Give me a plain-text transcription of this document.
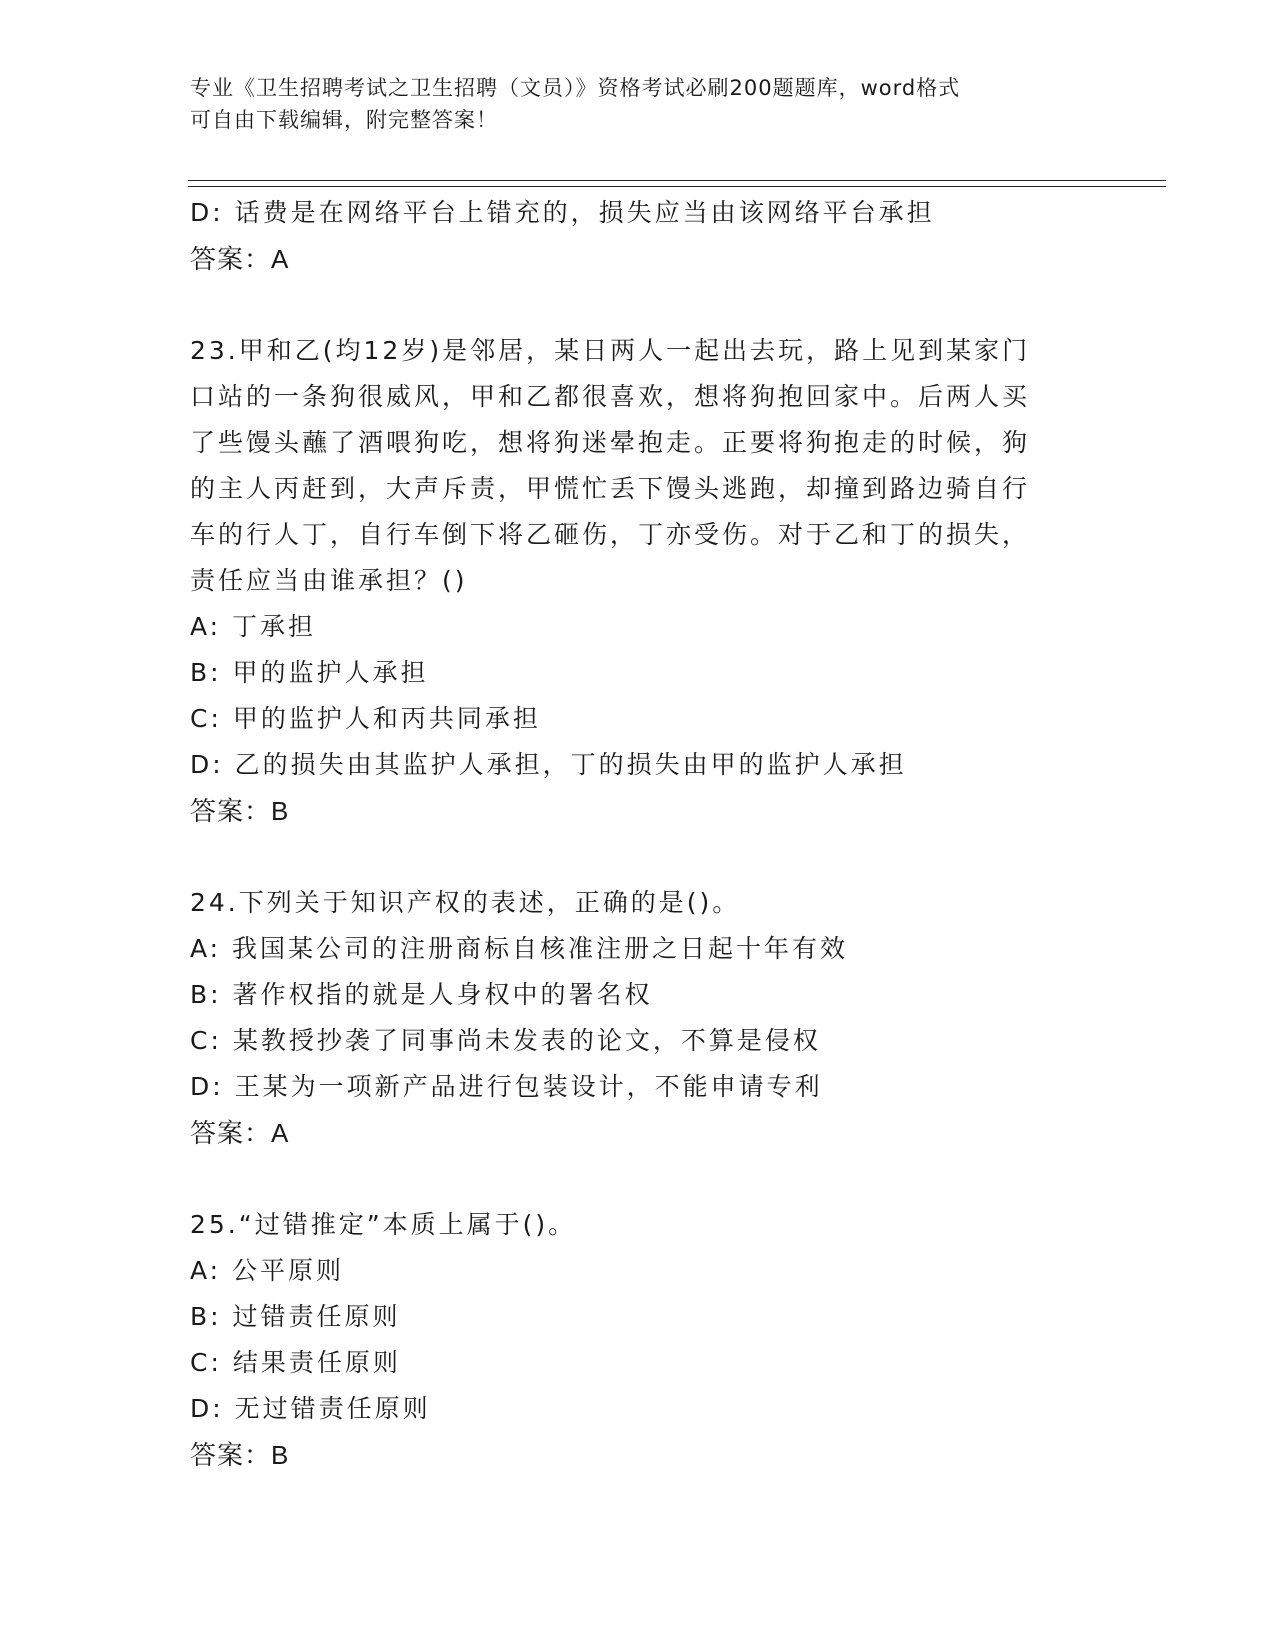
专业《卫生招聘考试之卫生招聘（文员）》资格考试必刷200题题库，word格式
可自由下载编辑，附完整答案！
D: 话费是在网络平台上错充的，损失应当由该网络平台承担
答案：A
23.甲和乙(均12岁)是邻居，某日两人一起出去玩，路上见到某家门
口站的一条狗很威风，甲和乙都很喜欢，想将狗抱回家中。后两人买
了些馒头蘸了酒喂狗吃，想将狗迷晕抱走。正要将狗抱走的时候，狗
的主人丙赶到，大声斥责，甲慌忙丢下馒头逃跑，却撞到路边骑自行
车的行人丁，自行车倒下将乙砸伤，丁亦受伤。对于乙和丁的损失，
责任应当由谁承担？()
A: 丁承担
B: 甲的监护人承担
C: 甲的监护人和丙共同承担
D: 乙的损失由其监护人承担，丁的损失由甲的监护人承担
答案：B
24.下列关于知识产权的表述，正确的是()。
A: 我国某公司的注册商标自核准注册之日起十年有效
B: 著作权指的就是人身权中的署名权
C: 某教授抄袭了同事尚未发表的论文，不算是侵权
D: 王某为一项新产品进行包装设计，不能申请专利
答案：A
25.“过错推定”本质上属于()。
A: 公平原则
B: 过错责任原则
C: 结果责任原则
D: 无过错责任原则
答案：B
